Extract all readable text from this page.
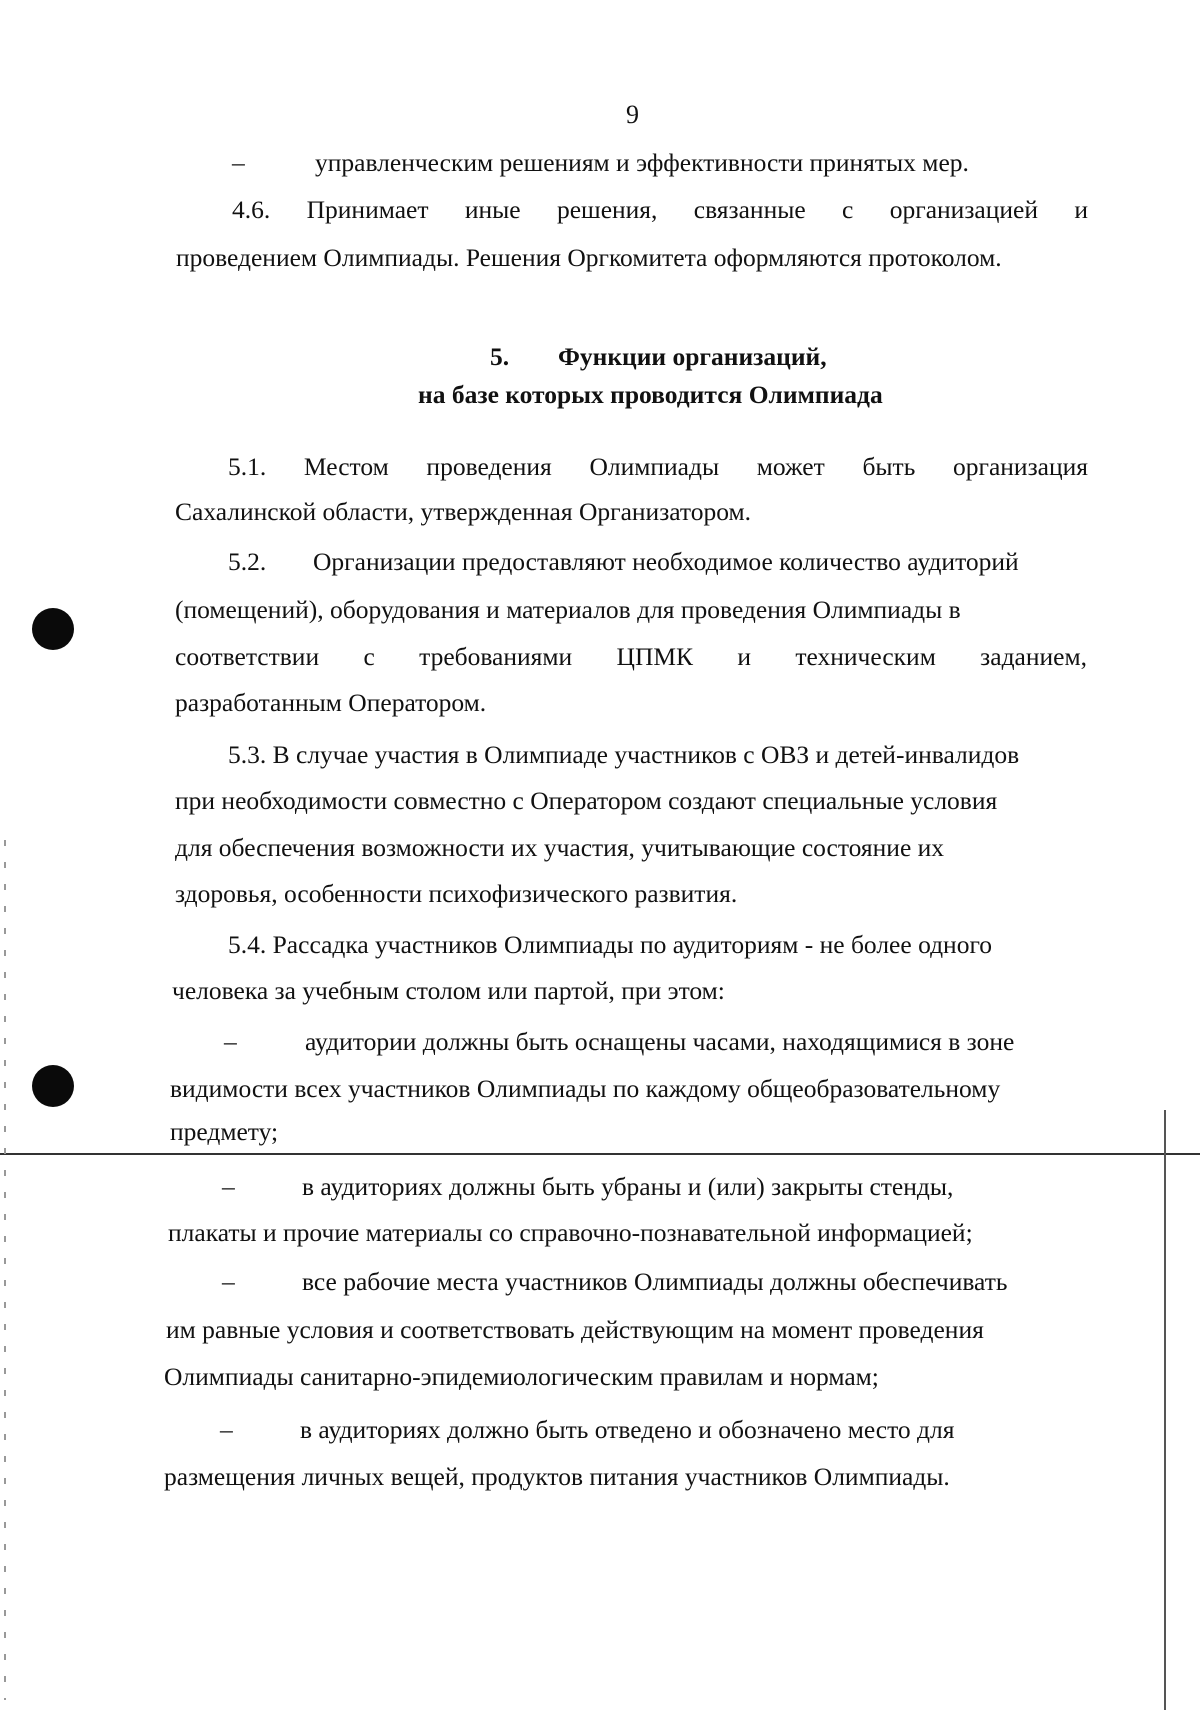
9
–	управленческим решениям и эффективности принятых мер.
4.6. Принимает иные решения, связанные с организацией и
проведением Олимпиады. Решения Оргкомитета оформляются протоколом.
5. Функции организаций,
на базе которых проводится Олимпиада
5.1. Местом проведения Олимпиады может быть организация
Сахалинской области, утвержденная Организатором.
5.2. Организации предоставляют необходимое количество аудиторий
(помещений), оборудования и материалов для проведения Олимпиады в
соответствии с требованиями ЦПМК и техническим заданием,
разработанным Оператором.
5.3. В случае участия в Олимпиаде участников с ОВЗ и детей-инвалидов
при необходимости совместно с Оператором создают специальные условия
для обеспечения возможности их участия, учитывающие состояние их
здоровья, особенности психофизического развития.
5.4. Рассадка участников Олимпиады по аудиториям - не более одного
человека за учебным столом или партой, при этом:
–	аудитории должны быть оснащены часами, находящимися в зоне
видимости всех участников Олимпиады по каждому общеобразовательному
предмету;
–	в аудиториях должны быть убраны и (или) закрыты стенды,
плакаты и прочие материалы со справочно-познавательной информацией;
–	все рабочие места участников Олимпиады должны обеспечивать
им равные условия и соответствовать действующим на момент проведения
Олимпиады санитарно-эпидемиологическим правилам и нормам;
–	в аудиториях должно быть отведено и обозначено место для
размещения личных вещей, продуктов питания участников Олимпиады.
